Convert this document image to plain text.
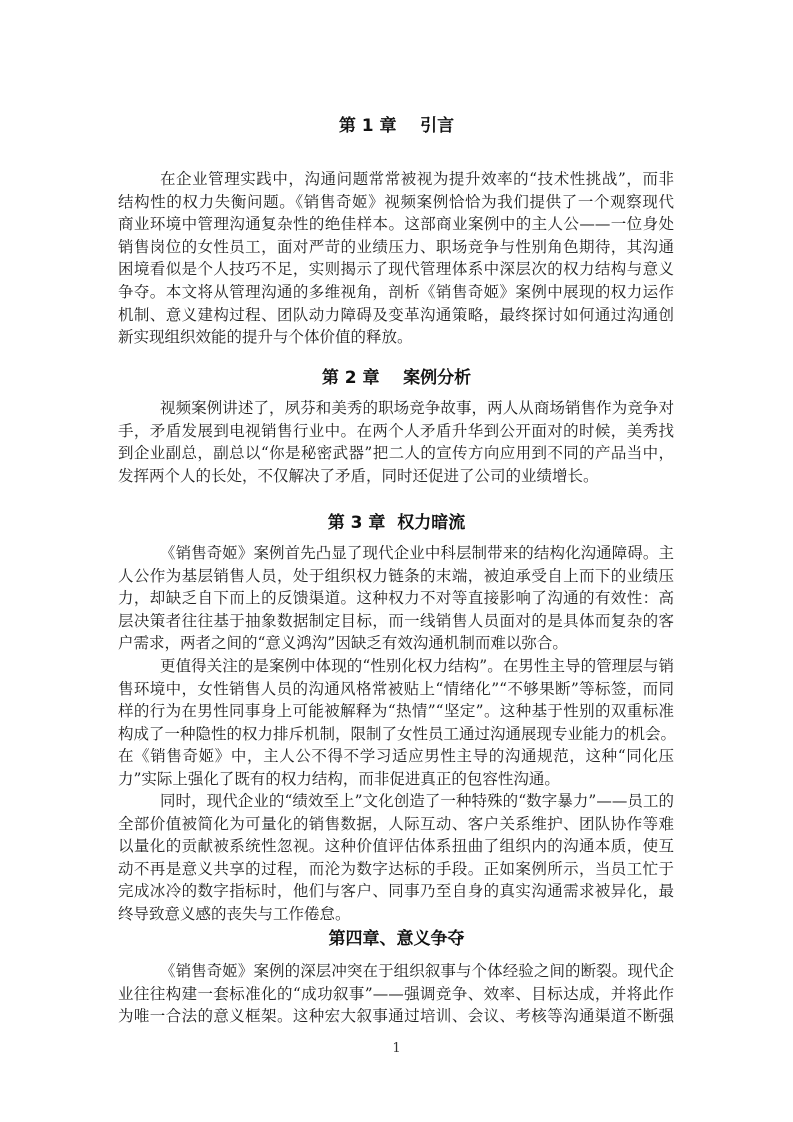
第 1 章    引言
在企业管理实践中，沟通问题常常被视为提升效率的“技术性挑战”，而非
结构性的权力失衡问题。《销售奇姬》视频案例恰恰为我们提供了一个观察现代
商业环境中管理沟通复杂性的绝佳样本。这部商业案例中的主人公——一位身处
销售岗位的女性员工，面对严苛的业绩压力、职场竞争与性别角色期待，其沟通
困境看似是个人技巧不足，实则揭示了现代管理体系中深层次的权力结构与意义
争夺。本文将从管理沟通的多维视角，剖析《销售奇姬》案例中展现的权力运作
机制、意义建构过程、团队动力障碍及变革沟通策略，最终探讨如何通过沟通创
新实现组织效能的提升与个体价值的释放。
第 2 章    案例分析
视频案例讲述了，夙芬和美秀的职场竞争故事，两人从商场销售作为竞争对
手，矛盾发展到电视销售行业中。在两个人矛盾升华到公开面对的时候，美秀找
到企业副总，副总以“你是秘密武器”把二人的宣传方向应用到不同的产品当中，
发挥两个人的长处，不仅解决了矛盾，同时还促进了公司的业绩增长。
第 3 章  权力暗流
《销售奇姬》案例首先凸显了现代企业中科层制带来的结构化沟通障碍。主
人公作为基层销售人员，处于组织权力链条的末端，被迫承受自上而下的业绩压
力，却缺乏自下而上的反馈渠道。这种权力不对等直接影响了沟通的有效性：高
层决策者往往基于抽象数据制定目标，而一线销售人员面对的是具体而复杂的客
户需求，两者之间的“意义鸿沟”因缺乏有效沟通机制而难以弥合。
更值得关注的是案例中体现的“性别化权力结构”。在男性主导的管理层与销
售环境中，女性销售人员的沟通风格常被贴上“情绪化”“不够果断”等标签，而同
样的行为在男性同事身上可能被解释为“热情”“坚定”。这种基于性别的双重标准
构成了一种隐性的权力排斥机制，限制了女性员工通过沟通展现专业能力的机会。
在《销售奇姬》中，主人公不得不学习适应男性主导的沟通规范，这种“同化压
力”实际上强化了既有的权力结构，而非促进真正的包容性沟通。
同时，现代企业的“绩效至上”文化创造了一种特殊的“数字暴力”——员工的
全部价值被简化为可量化的销售数据，人际互动、客户关系维护、团队协作等难
以量化的贡献被系统性忽视。这种价值评估体系扭曲了组织内的沟通本质，使互
动不再是意义共享的过程，而沦为数字达标的手段。正如案例所示，当员工忙于
完成冰冷的数字指标时，他们与客户、同事乃至自身的真实沟通需求被异化，最
终导致意义感的丧失与工作倦怠。
第四章、意义争夺
《销售奇姬》案例的深层冲突在于组织叙事与个体经验之间的断裂。现代企
业往往构建一套标准化的“成功叙事”——强调竞争、效率、目标达成，并将此作
为唯一合法的意义框架。这种宏大叙事通过培训、会议、考核等沟通渠道不断强
1
